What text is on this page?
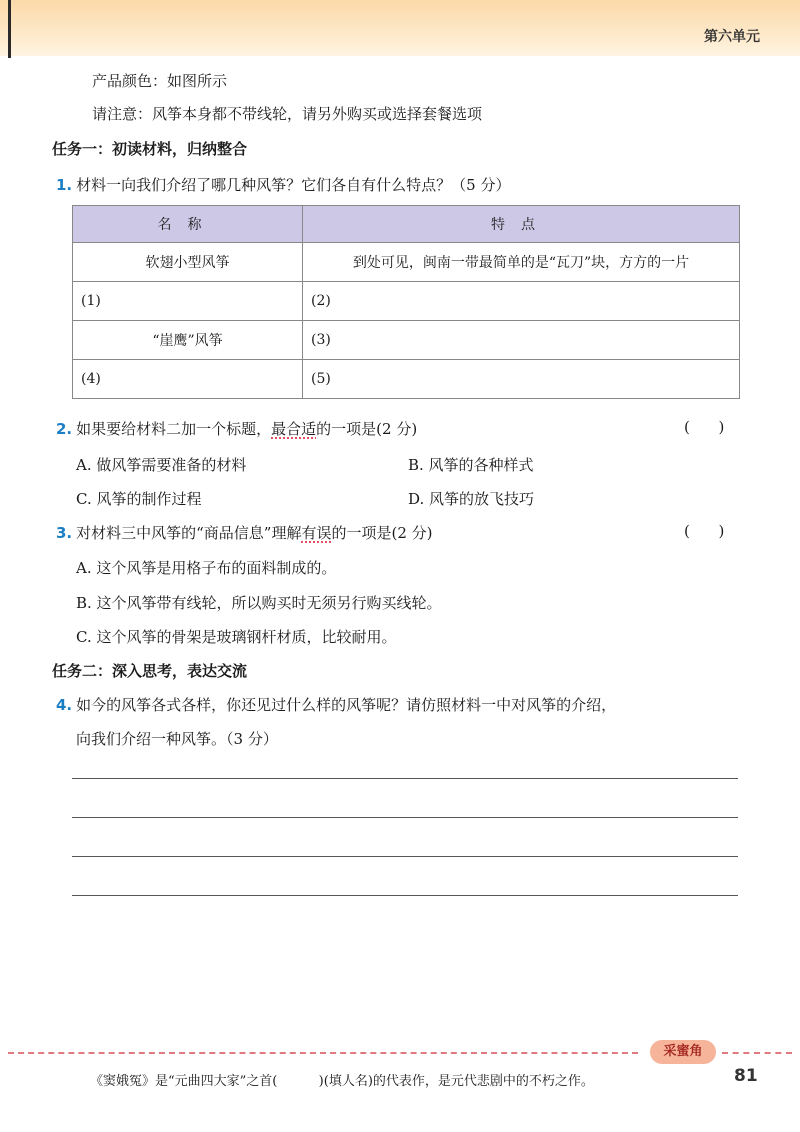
第六单元
产品颜色：如图所示
请注意：风筝本身都不带线轮，请另外购买或选择套餐选项
任务一：初读材料，归纳整合
1. 材料一向我们介绍了哪几种风筝？它们各自有什么特点？（5 分）
名称	特点
软翅小型风筝	到处可见，闽南一带最简单的是“瓦刀”块，方方的一片
(1)	(2)
“崖鹰”风筝	(3)
(4)	(5)
2. 如果要给材料二加一个标题，最合适的一项是(2 分)	(      )
A. 做风筝需要准备的材料	B. 风筝的各种样式
C. 风筝的制作过程	D. 风筝的放飞技巧
3. 对材料三中风筝的“商品信息”理解有误的一项是(2 分)	(      )
A. 这个风筝是用格子布的面料制成的。
B. 这个风筝带有线轮，所以购买时无须另行购买线轮。
C. 这个风筝的骨架是玻璃钢杆材质，比较耐用。
任务二：深入思考，表达交流
4. 如今的风筝各式各样，你还见过什么样的风筝呢？请仿照材料一中对风筝的介绍，
向我们介绍一种风筝。（3 分）
采蜜角
《窦娥冤》是“元曲四大家”之首(          )(填人名)的代表作，是元代悲剧中的不朽之作。	81
